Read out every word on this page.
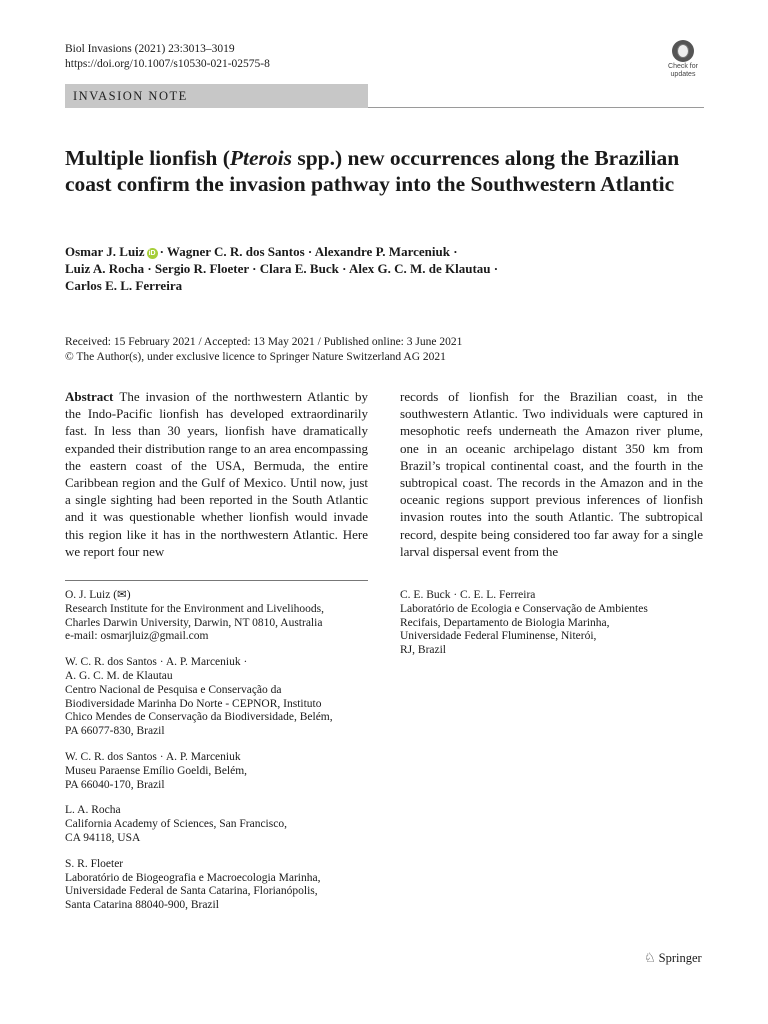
Biol Invasions (2021) 23:3013–3019
https://doi.org/10.1007/s10530-021-02575-8	Check for
updates
INVASION NOTE
Multiple lionfish (Pterois spp.) new occurrences along the Brazilian coast confirm the invasion pathway into the Southwestern Atlantic
Osmar J. Luiz iD · Wagner C. R. dos Santos · Alexandre P. Marceniuk ·
Luiz A. Rocha · Sergio R. Floeter · Clara E. Buck · Alex G. C. M. de Klautau ·
Carlos E. L. Ferreira
Received: 15 February 2021 / Accepted: 13 May 2021 / Published online: 3 June 2021
© The Author(s), under exclusive licence to Springer Nature Switzerland AG 2021
Abstract The invasion of the northwestern Atlantic by the Indo-Pacific lionfish has developed extraordinarily fast. In less than 30 years, lionfish have dramatically expanded their distribution range to an area encompassing the eastern coast of the USA, Bermuda, the entire Caribbean region and the Gulf of Mexico. Until now, just a single sighting had been reported in the South Atlantic and it was questionable whether lionfish would invade this region like it has in the northwestern Atlantic. Here we report four new
records of lionfish for the Brazilian coast, in the southwestern Atlantic. Two individuals were captured in mesophotic reefs underneath the Amazon river plume, one in an oceanic archipelago distant 350 km from Brazil’s tropical continental coast, and the fourth in the subtropical coast. The records in the Amazon and in the oceanic regions support previous inferences of lionfish invasion routes into the south Atlantic. The subtropical record, despite being considered too far away for a single larval dispersal event from the
O. J. Luiz (✉)
Research Institute for the Environment and Livelihoods,
Charles Darwin University, Darwin, NT 0810, Australia
e-mail: osmarjluiz@gmail.com
W. C. R. dos Santos · A. P. Marceniuk ·
A. G. C. M. de Klautau
Centro Nacional de Pesquisa e Conservação da
Biodiversidade Marinha Do Norte - CEPNOR, Instituto
Chico Mendes de Conservação da Biodiversidade, Belém,
PA 66077-830, Brazil
W. C. R. dos Santos · A. P. Marceniuk
Museu Paraense Emílio Goeldi, Belém,
PA 66040-170, Brazil
L. A. Rocha
California Academy of Sciences, San Francisco,
CA 94118, USA
S. R. Floeter
Laboratório de Biogeografia e Macroecologia Marinha,
Universidade Federal de Santa Catarina, Florianópolis,
Santa Catarina 88040-900, Brazil
C. E. Buck · C. E. L. Ferreira
Laboratório de Ecologia e Conservação de Ambientes
Recifais, Departamento de Biologia Marinha,
Universidade Federal Fluminense, Niterói,
RJ, Brazil
♘ Springer
